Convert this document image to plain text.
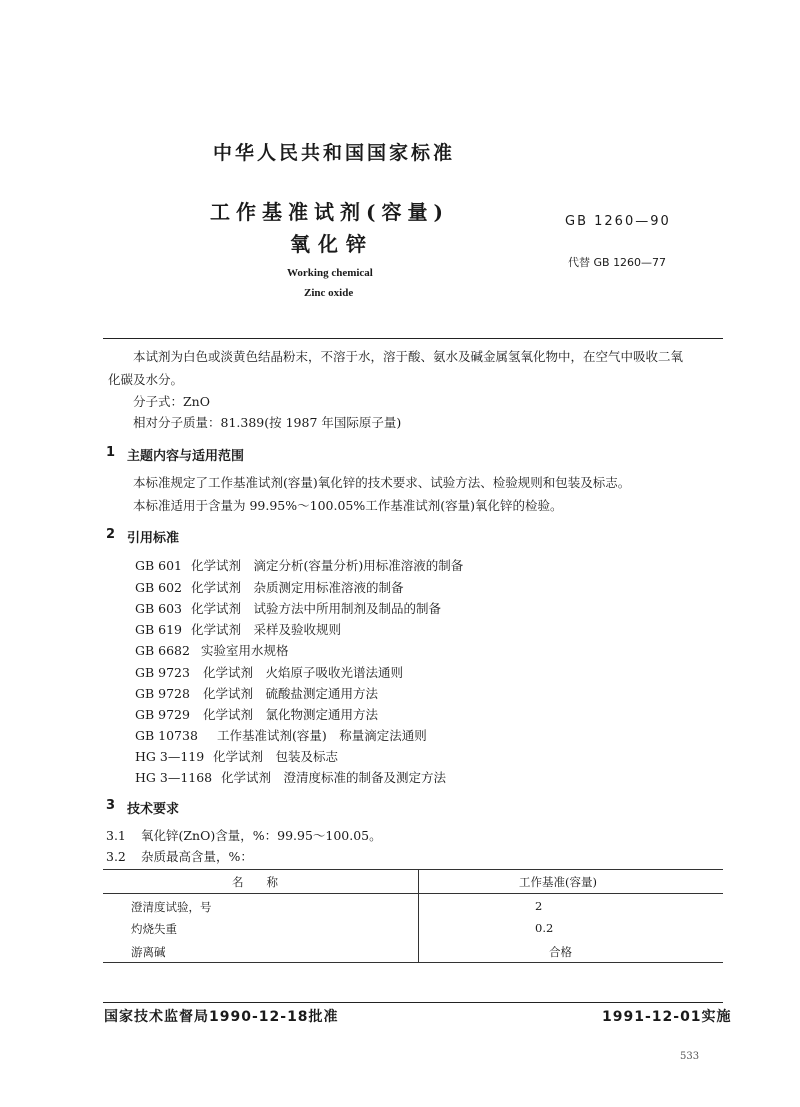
中华人民共和国国家标准
工作基准试剂(容量)
氧化锌
GB 1260—90
代替 GB 1260—77
Working chemical
Zinc oxide
本试剂为白色或淡黄色结晶粉末，不溶于水，溶于酸、氨水及碱金属氢氧化物中，在空气中吸收二氧
化碳及水分。
分子式：ZnO
相对分子质量：81.389(按 1987 年国际原子量)
1 主题内容与适用范围
本标准规定了工作基准试剂(容量)氧化锌的技术要求、试验方法、检验规则和包装及标志。
本标准适用于含量为 99.95%～100.05%工作基准试剂(容量)氧化锌的检验。
2 引用标准
GB 601 化学试剂　滴定分析(容量分析)用标准溶液的制备
GB 602 化学试剂　杂质测定用标准溶液的制备
GB 603 化学试剂　试验方法中所用制剂及制品的制备
GB 619 化学试剂　采样及验收规则
GB 6682 实验室用水规格
GB 9723 化学试剂　火焰原子吸收光谱法通则
GB 9728 化学试剂　硫酸盐测定通用方法
GB 9729 化学试剂　氯化物测定通用方法
GB 10738 工作基准试剂(容量)　称量滴定法通则
HG 3—119 化学试剂　包装及标志
HG 3—1168 化学试剂　澄清度标准的制备及测定方法
3 技术要求
3.1 氧化锌(ZnO)含量，%：99.95～100.05。
3.2 杂质最高含量，%：
名　　称	工作基准(容量)
澄清度试验，号	2
灼烧失重	0.2
游离碱	合格
国家技术监督局1990-12-18批准	1991-12-01实施
533
